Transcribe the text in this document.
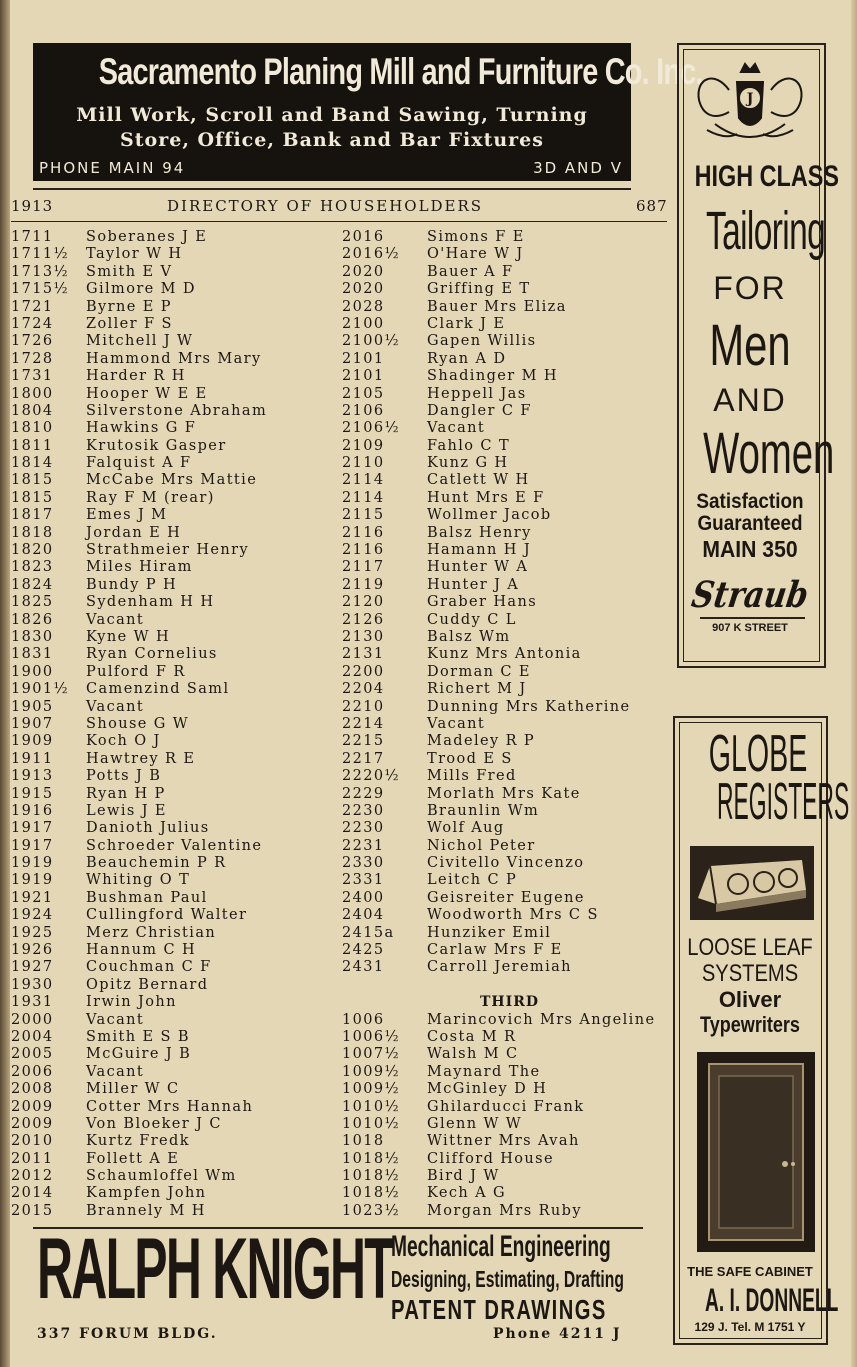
Sacramento Planing Mill and Furniture Co. Inc.
Mill Work, Scroll and Band Sawing, Turning
Store, Office, Bank and Bar Fixtures
PHONE MAIN 94	3D AND V
1913	DIRECTORY OF HOUSEHOLDERS	687
1711 Soberanes J E	2016	Simons F E
1711½ Taylor W H	2016½ O'Hare W J
1713½ Smith E V	2020	Bauer A F
1715½ Gilmore M D	2020	Griffing E T
1721 Byrne E P	2028	Bauer Mrs Eliza
1724 Zoller F S	2100	Clark J E
1726 Mitchell J W	2100½ Gapen Willis
1728 Hammond Mrs Mary	2101	Ryan A D
1731 Harder R H	2101	Shadinger M H
1800 Hooper W E E	2105	Heppell Jas
1804 Silverstone Abraham	2106	Dangler C F
1810 Hawkins G F	2106½ Vacant
1811 Krutosik Gasper	2109	Fahlo C T
1814 Falquist A F	2110	Kunz G H
1815 McCabe Mrs Mattie	2114	Catlett W H
1815 Ray F M (rear)	2114	Hunt Mrs E F
1817 Emes J M	2115	Wollmer Jacob
1818 Jordan E H	2116	Balsz Henry
1820 Strathmeier Henry	2116	Hamann H J
1823 Miles Hiram	2117	Hunter W A
1824 Bundy P H	2119	Hunter J A
1825 Sydenham H H	2120	Graber Hans
1826 Vacant	2126	Cuddy C L
1830 Kyne W H	2130	Balsz Wm
1831 Ryan Cornelius	2131	Kunz Mrs Antonia
1900 Pulford F R	2200	Dorman C E
1901½ Camenzind Saml	2204	Richert M J
1905 Vacant	2210	Dunning Mrs Katherine
1907 Shouse G W	2214	Vacant
1909 Koch O J	2215	Madeley R P
1911 Hawtrey R E	2217	Trood E S
1913 Potts J B	2220½ Mills Fred
1915 Ryan H P	2229	Morlath Mrs Kate
1916 Lewis J E	2230	Braunlin Wm
1917 Danioth Julius	2230	Wolf Aug
1917 Schroeder Valentine	2231	Nichol Peter
1919 Beauchemin P R	2330	Civitello Vincenzo
1919 Whiting O T	2331	Leitch C P
1921 Bushman Paul	2400	Geisreiter Eugene
1924 Cullingford Walter	2404	Woodworth Mrs C S
1925 Merz Christian	2415a Hunziker Emil
1926 Hannum C H	2425	Carlaw Mrs F E
1927 Couchman C F	2431	Carroll Jeremiah
1930 Opitz Bernard
1931 Irwin John
2000 Vacant	1006	Marincovich Mrs Angeline
2004 Smith E S B	1006½ Costa M R
2005 McGuire J B	1007½ Walsh M C
2006 Vacant	1009½ Maynard The
2008 Miller W C	1009½ McGinley D H
2009 Cotter Mrs Hannah	1010½ Ghilarducci Frank
2009 Von Bloeker J C	1010½ Glenn W W
2010 Kurtz Fredk	1018	Wittner Mrs Avah
2011 Follett A E	1018½ Clifford House
2012 Schaumloffel Wm	1018½ Bird J W
2014 Kampfen John	1018½ Kech A G
2015 Brannely M H	1023½ Morgan Mrs Ruby
J
HIGH CLASS
Tailoring
FOR
Men
AND
Women
Satisfaction
Guaranteed
MAIN 350
Straub
907 K STREET
GLOBE
REGISTERS
LOOSE LEAF
SYSTEMS
Oliver
Typewriters
THE SAFE CABINET
A. I. DONNELL
129 J. Tel. M 1751 Y
RALPH KNIGHT
Mechanical Engineering
Designing, Estimating, Drafting
PATENT DRAWINGS
337 FORUM BLDG.	Phone 4211 J
THIRD
